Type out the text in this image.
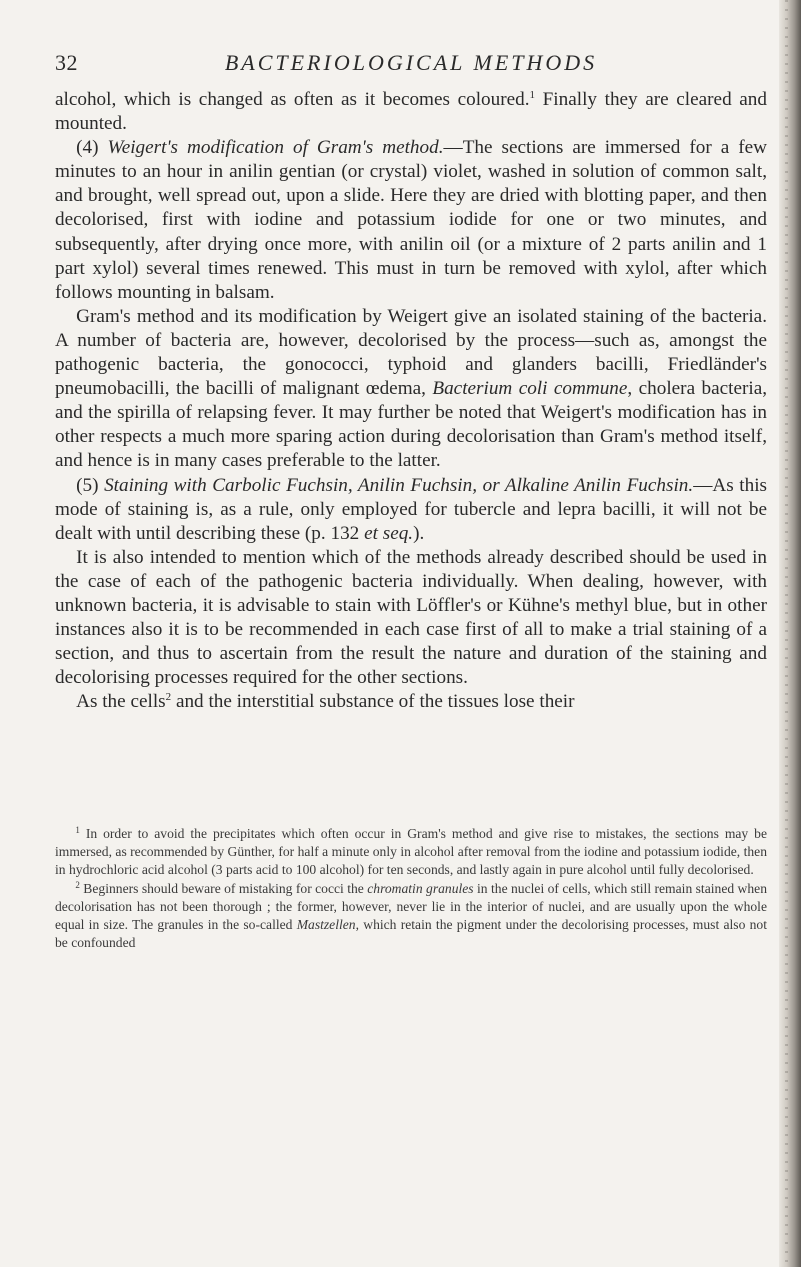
32	BACTERIOLOGICAL METHODS

alcohol, which is changed as often as it becomes coloured.$^1$ Finally they are cleared and mounted.

(4) Weigert's modification of Gram's method.—The sections are immersed for a few minutes to an hour in anilin gentian (or crystal) violet, washed in solution of common salt, and brought, well spread out, upon a slide. Here they are dried with blotting paper, and then decolorised, first with iodine and potassium iodide for one or two minutes, and subsequently, after drying once more, with anilin oil (or a mixture of 2 parts anilin and 1 part xylol) several times renewed. This must in turn be removed with xylol, after which follows mounting in balsam.

Gram's method and its modification by Weigert give an isolated staining of the bacteria. A number of bacteria are, however, decolorised by the process—such as, amongst the pathogenic bacteria, the gonococci, typhoid and glanders bacilli, Friedländer's pneumobacilli, the bacilli of malignant œdema, Bacterium coli commune, cholera bacteria, and the spirilla of relapsing fever. It may further be noted that Weigert's modification has in other respects a much more sparing action during decolorisation than Gram's method itself, and hence is in many cases preferable to the latter.

(5) Staining with Carbolic Fuchsin, Anilin Fuchsin, or Alkaline Anilin Fuchsin.—As this mode of staining is, as a rule, only employed for tubercle and lepra bacilli, it will not be dealt with until describing these (p. 132 et seq.).

It is also intended to mention which of the methods already described should be used in the case of each of the pathogenic bacteria individually. When dealing, however, with unknown bacteria, it is advisable to stain with Löffler's or Kühne's methyl blue, but in other instances also it is to be recommended in each case first of all to make a trial staining of a section, and thus to ascertain from the result the nature and duration of the staining and decolorising processes required for the other sections.

As the cells$^2$ and the interstitial substance of the tissues lose their

$^1$ In order to avoid the precipitates which often occur in Gram's method and give rise to mistakes, the sections may be immersed, as recommended by Günther, for half a minute only in alcohol after removal from the iodine and potassium iodide, then in hydrochloric acid alcohol (3 parts acid to 100 alcohol) for ten seconds, and lastly again in pure alcohol until fully decolorised.

$^2$ Beginners should beware of mistaking for cocci the chromatin granules in the nuclei of cells, which still remain stained when decolorisation has not been thorough ; the former, however, never lie in the interior of nuclei, and are usually upon the whole equal in size. The granules in the so-called Mastzellen, which retain the pigment under the decolorising processes, must also not be confounded
